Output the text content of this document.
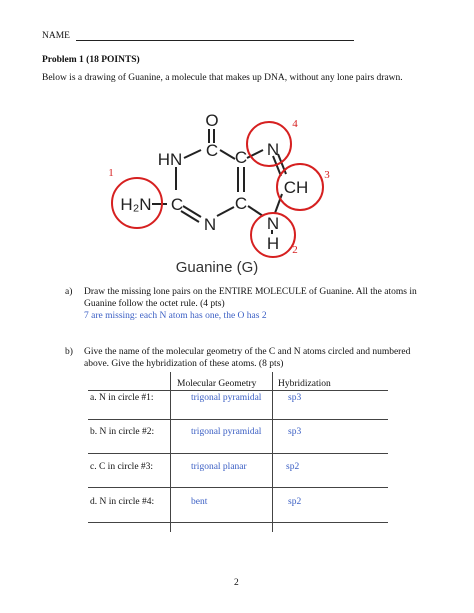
NAME
Problem 1 (18 POINTS)
Below is a drawing of Guanine, a molecule that makes up DNA, without any lone pairs drawn.
O
C
HN
N
CH
C
C
H₂N C
N	N
H
1
2
3
4
Guanine (G)
a) Draw the missing lone pairs on the ENTIRE MOLECULE of Guanine. All the atoms in
Guanine follow the octet rule. (4 pts)
7 are missing: each N atom has one, the O has 2
b) Give the name of the molecular geometry of the C and N atoms circled and numbered
above. Give the hybridization of these atoms. (8 pts)
Molecular Geometry Hybridization
a. N in circle #1:	trigonal pyramidal	sp3
b. N in circle #2:	trigonal pyramidal	sp3
c. C in circle #3:	trigonal planar	sp2
d. N in circle #4:	bent	sp2
2
